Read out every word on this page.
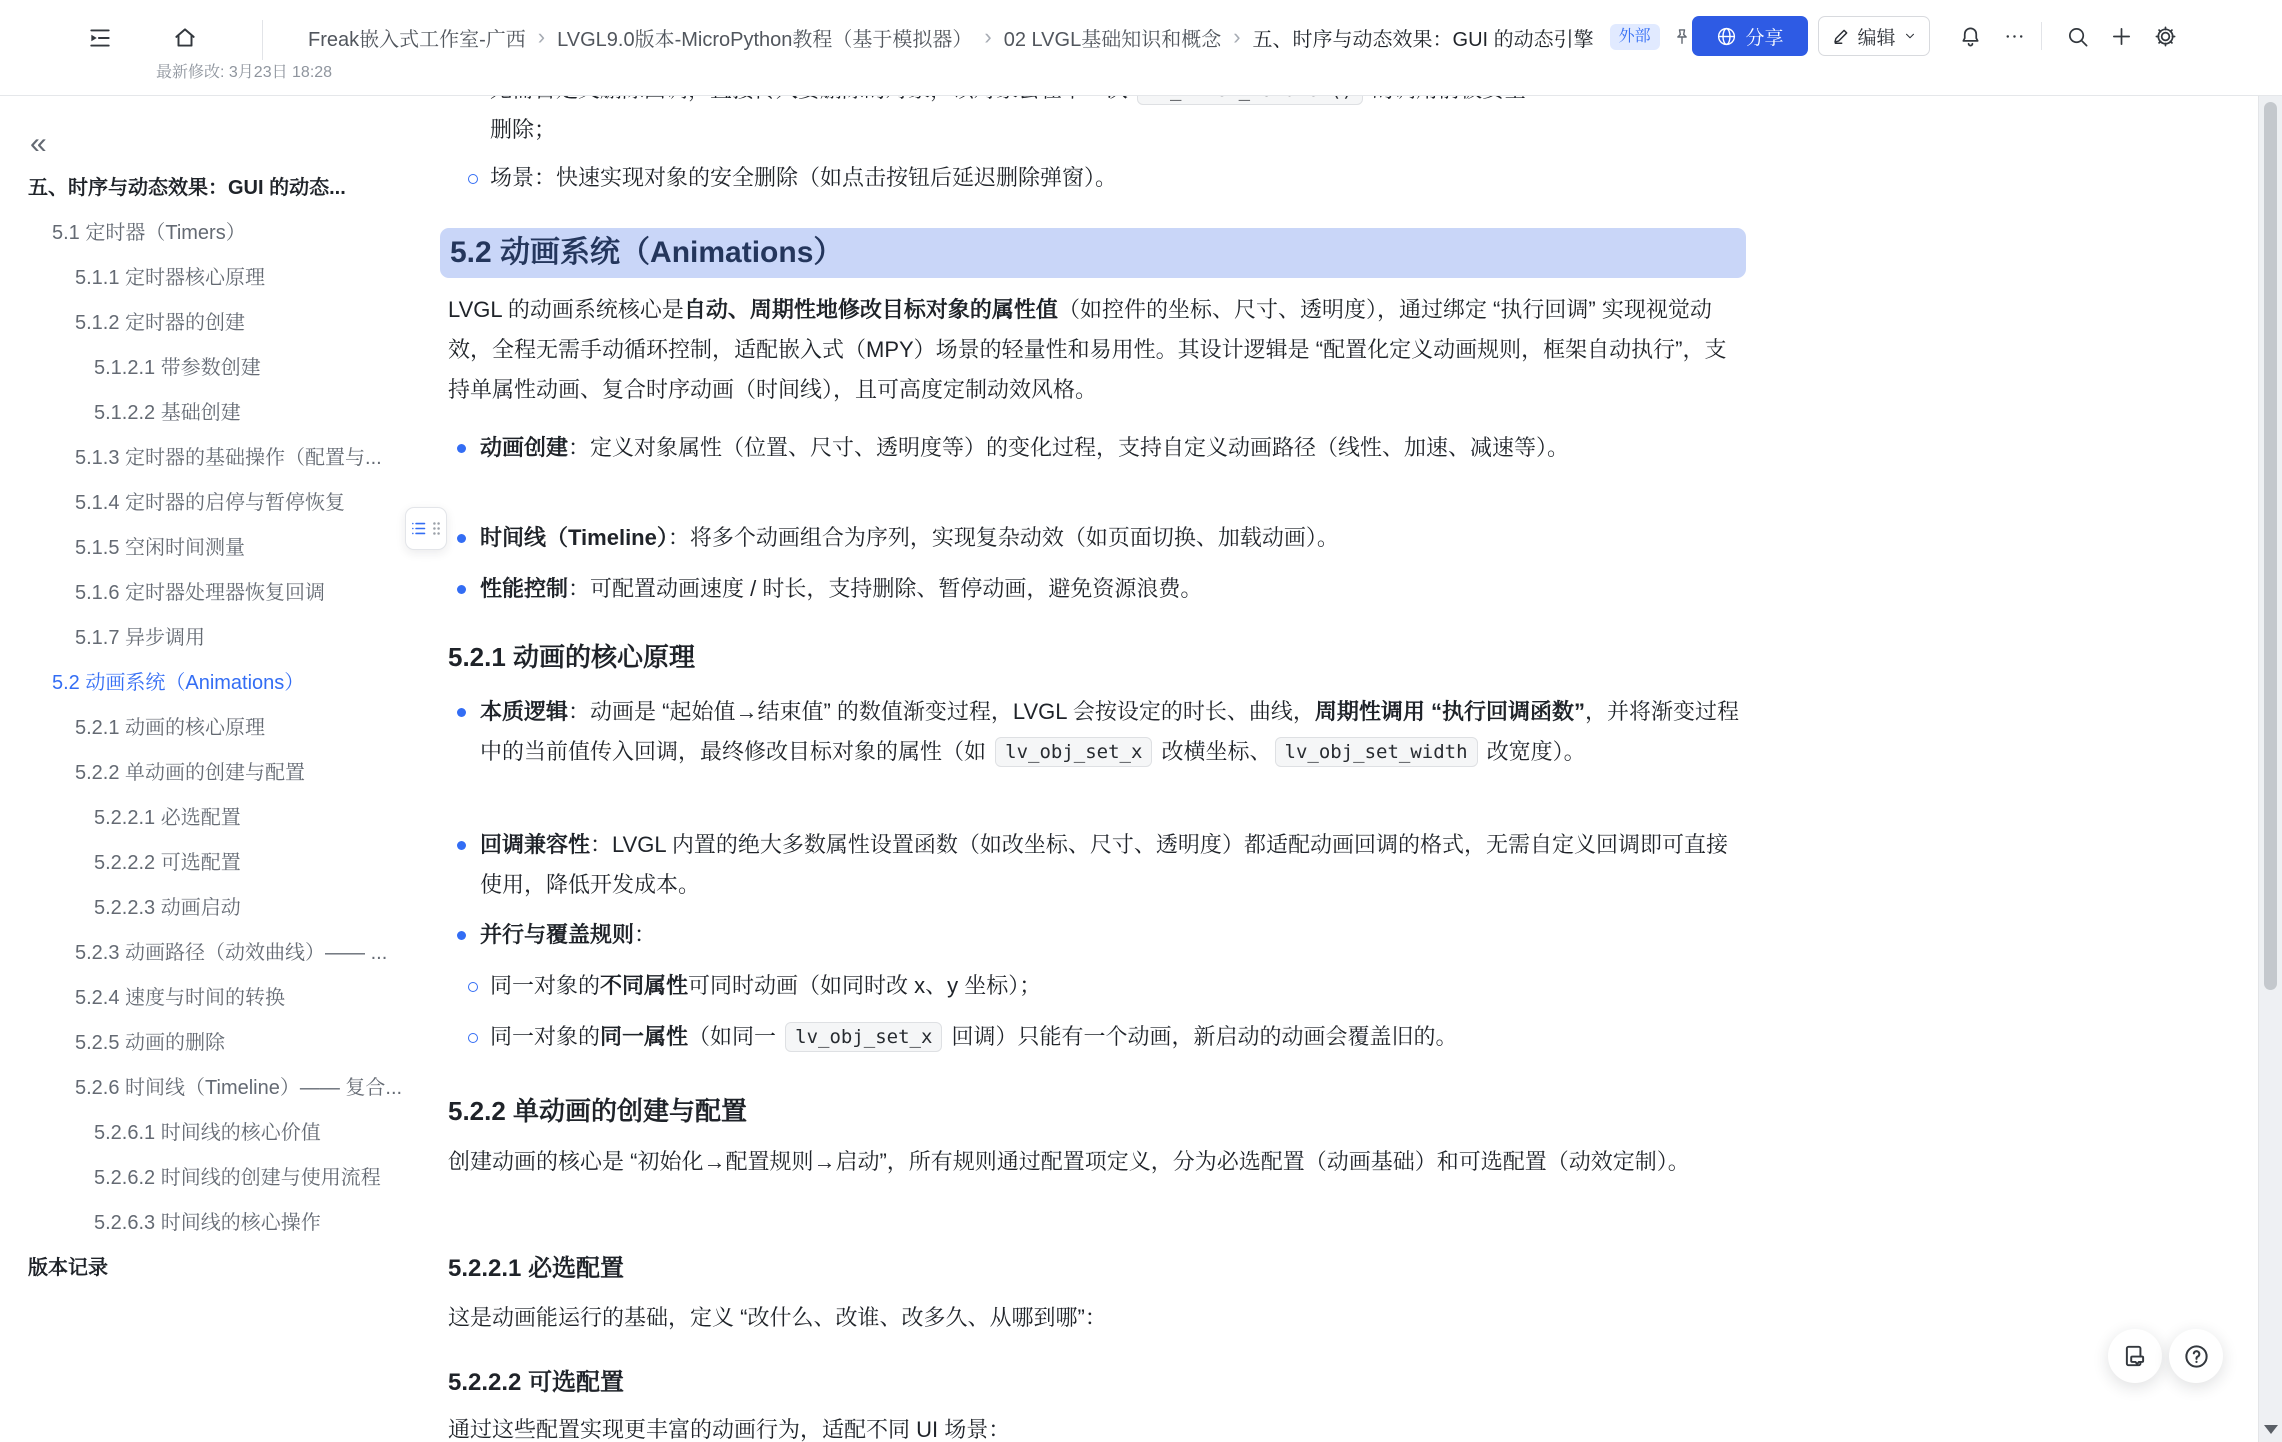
Freak嵌入式工作室-广西 › LVGL9.0版本-MicroPython教程（基于模拟器） › 02 LVGL基础知识和概念 › 五、时序与动态效果：GUI 的动态引擎	外部
最新修改: 3月23日 18:28
分享	编辑
«
五、时序与动态效果：GUI 的动态...
5.1 定时器（Timers）
5.1.1 定时器核心原理
5.1.2 定时器的创建
5.1.2.1 带参数创建
5.1.2.2 基础创建
5.1.3 定时器的基础操作（配置与...
5.1.4 定时器的启停与暂停恢复
5.1.5 空闲时间测量
5.1.6 定时器处理器恢复回调
5.1.7 异步调用
5.2 动画系统（Animations）
5.2.1 动画的核心原理
5.2.2 单动画的创建与配置
5.2.2.1 必选配置
5.2.2.2 可选配置
5.2.2.3 动画启动
5.2.3 动画路径（动效曲线）—— ...
5.2.4 速度与时间的转换
5.2.5 动画的删除
5.2.6 时间线（Timeline）—— 复合...
5.2.6.1 时间线的核心价值
5.2.6.2 时间线的创建与使用流程
5.2.6.3 时间线的核心操作
版本记录
删除；
场景：快速实现对象的安全删除（如点击按钮后延迟删除弹窗）。
5.2 动画系统（Animations）
LVGL 的动画系统核心是自动、周期性地修改目标对象的属性值（如控件的坐标、尺寸、透明度），通过绑定 “执行回调” 实现视觉动效，全程无需手动循环控制，适配嵌入式（MPY）场景的轻量性和易用性。其设计逻辑是 “配置化定义动画规则，框架自动执行”，支持单属性动画、复合时序动画（时间线），且可高度定制动效风格。
动画创建：定义对象属性（位置、尺寸、透明度等）的变化过程，支持自定义动画路径（线性、加速、减速等）。
时间线（Timeline）：将多个动画组合为序列，实现复杂动效（如页面切换、加载动画）。
性能控制：可配置动画速度 / 时长，支持删除、暂停动画，避免资源浪费。
5.2.1 动画的核心原理
本质逻辑：动画是 “起始值→结束值” 的数值渐变过程，LVGL 会按设定的时长、曲线，周期性调用 “执行回调函数”，并将渐变过程中的当前值传入回调，最终修改目标对象的属性（如 lv_obj_set_x 改横坐标、 lv_obj_set_width 改宽度）。
回调兼容性：LVGL 内置的绝大多数属性设置函数（如改坐标、尺寸、透明度）都适配动画回调的格式，无需自定义回调即可直接使用，降低开发成本。
并行与覆盖规则：
同一对象的不同属性可同时动画（如同时改 x、y 坐标）；
同一对象的同一属性（如同一 lv_obj_set_x 回调）只能有一个动画，新启动的动画会覆盖旧的。
5.2.2 单动画的创建与配置
创建动画的核心是 “初始化→配置规则→启动”，所有规则通过配置项定义，分为必选配置（动画基础）和可选配置（动效定制）。
5.2.2.1 必选配置
这是动画能运行的基础，定义 “改什么、改谁、改多久、从哪到哪”：
5.2.2.2 可选配置
通过这些配置实现更丰富的动画行为，适配不同 UI 场景：
